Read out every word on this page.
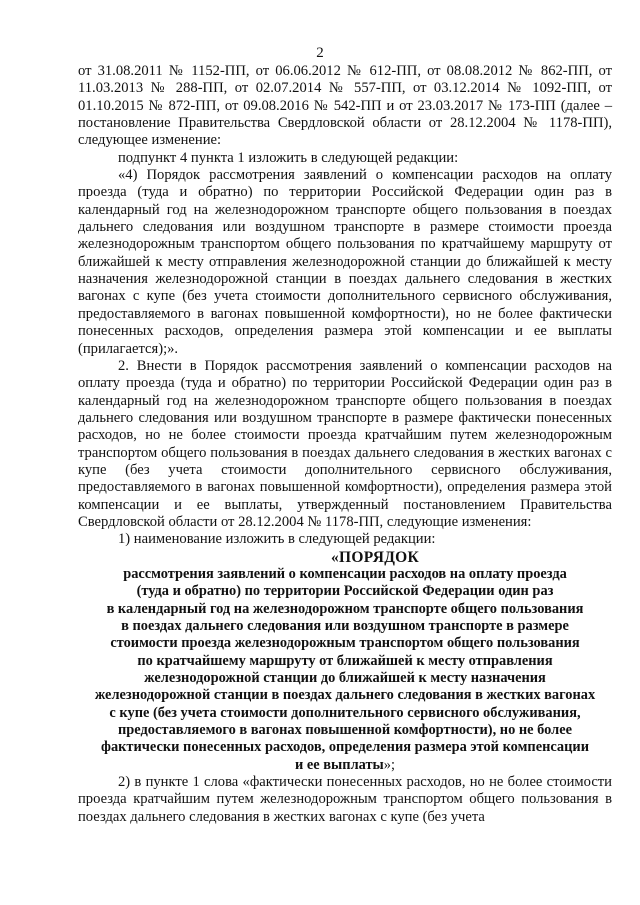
2

от 31.08.2011 № 1152-ПП, от 06.06.2012 № 612-ПП, от 08.08.2012 № 862-ПП, от 11.03.2013 № 288-ПП, от 02.07.2014 № 557-ПП, от 03.12.2014 № 1092-ПП, от 01.10.2015 № 872-ПП, от 09.08.2016 № 542-ПП и от 23.03.2017 № 173-ПП (далее – постановление Правительства Свердловской области от 28.12.2004 № 1178-ПП), следующее изменение:

подпункт 4 пункта 1 изложить в следующей редакции:

«4) Порядок рассмотрения заявлений о компенсации расходов на оплату проезда (туда и обратно) по территории Российской Федерации один раз в календарный год на железнодорожном транспорте общего пользования в поездах дальнего следования или воздушном транспорте в размере стоимости проезда железнодорожным транспортом общего пользования по кратчайшему маршруту от ближайшей к месту отправления железнодорожной станции до ближайшей к месту назначения железнодорожной станции в поездах дальнего следования в жестких вагонах с купе (без учета стоимости дополнительного сервисного обслуживания, предоставляемого в вагонах повышенной комфортности), но не более фактически понесенных расходов, определения размера этой компенсации и ее выплаты (прилагается);».

2. Внести в Порядок рассмотрения заявлений о компенсации расходов на оплату проезда (туда и обратно) по территории Российской Федерации один раз в календарный год на железнодорожном транспорте общего пользования в поездах дальнего следования или воздушном транспорте в размере фактически понесенных расходов, но не более стоимости проезда кратчайшим путем железнодорожным транспортом общего пользования в поездах дальнего следования в жестких вагонах с купе (без учета стоимости дополнительного сервисного обслуживания, предоставляемого в вагонах повышенной комфортности), определения размера этой компенсации и ее выплаты, утвержденный постановлением Правительства Свердловской области от 28.12.2004 № 1178-ПП, следующие изменения:

1) наименование изложить в следующей редакции:

«ПОРЯДОК
рассмотрения заявлений о компенсации расходов на оплату проезда
(туда и обратно) по территории Российской Федерации один раз
в календарный год на железнодорожном транспорте общего пользования
в поездах дальнего следования или воздушном транспорте в размере
стоимости проезда железнодорожным транспортом общего пользования
по кратчайшему маршруту от ближайшей к месту отправления
железнодорожной станции до ближайшей к месту назначения
железнодорожной станции в поездах дальнего следования в жестких вагонах
с купе (без учета стоимости дополнительного сервисного обслуживания,
предоставляемого в вагонах повышенной комфортности), но не более
фактически понесенных расходов, определения размера этой компенсации
и ее выплаты»;

2) в пункте 1 слова «фактически понесенных расходов, но не более стоимости проезда кратчайшим путем железнодорожным транспортом общего пользования в поездах дальнего следования в жестких вагонах с купе (без учета
